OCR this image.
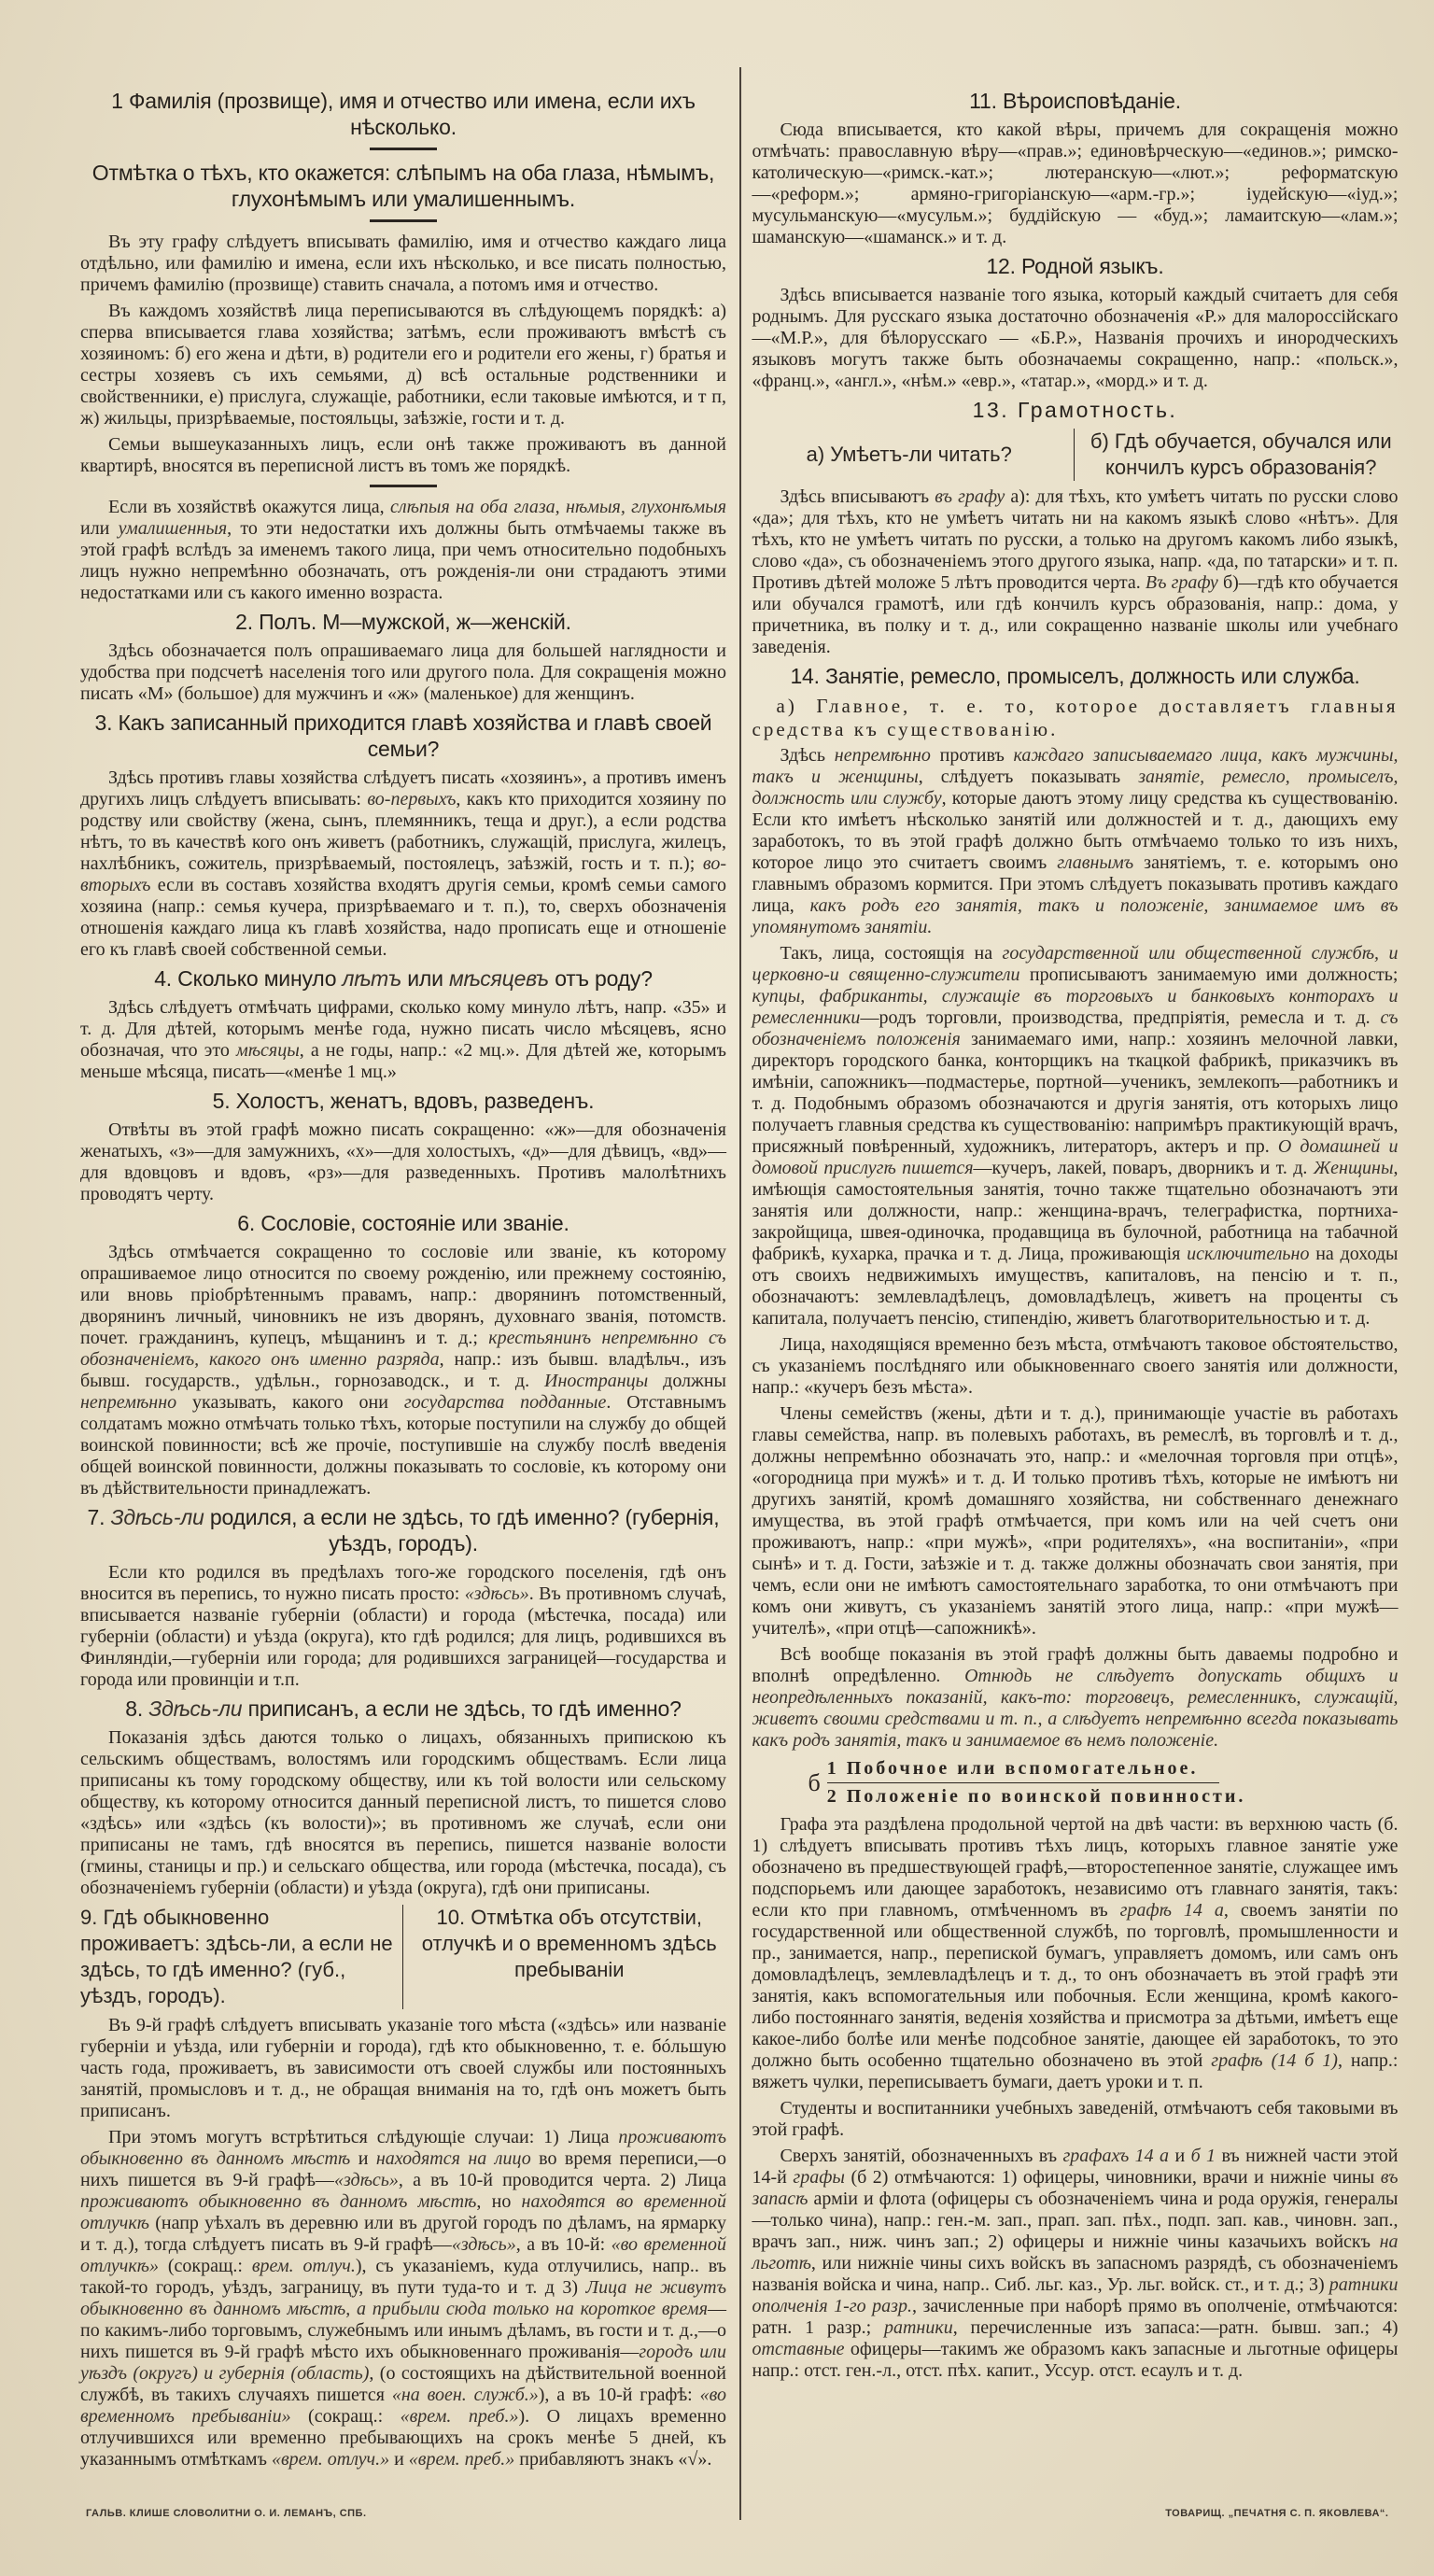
1 Фамилія (прозвище), имя и отчество или имена, если ихъ нѣсколько.
Отмѣтка о тѣхъ, кто окажется: слѣпымъ на оба глаза, нѣмымъ, глухонѣмымъ или умалишеннымъ.

Въ эту графу слѣдуетъ вписывать фамилію, имя и отчество каждаго лица отдѣльно, или фамилію и имена, если ихъ нѣсколько, и все писать полностью, причемъ фамилію (прозвище) ставить сначала, а потомъ имя и отчество.

Въ каждомъ хозяйствѣ лица переписываются въ слѣдующемъ порядкѣ: а) сперва вписывается глава хозяйства; затѣмъ, если проживаютъ вмѣстѣ съ хозяиномъ: б) его жена и дѣти, в) родители его и родители его жены, г) братья и сестры хозяевъ съ ихъ семьями, д) всѣ остальные родственники и свойственники, е) прислуга, служащіе, работники, если таковые имѣются, и т п, ж) жильцы, призрѣваемые, постояльцы, заѣзжіе, гости и т. д.

Семьи вышеуказанныхъ лицъ, если онѣ также проживаютъ въ данной квартирѣ, вносятся въ переписной листъ въ томъ же порядкѣ.

Если въ хозяйствѣ окажутся лица, слѣпыя на оба глаза, нѣмыя, глухонѣмыя или умалишенныя, то эти недостатки ихъ должны быть отмѣчаемы также въ этой графѣ вслѣдъ за именемъ такого лица, при чемъ относительно подобныхъ лицъ нужно непремѣнно обозначать, отъ рожденія-ли они страдаютъ этими недостатками или съ какого именно возраста.

2. Полъ. М—мужской, ж—женскій.

Здѣсь обозначается полъ опрашиваемаго лица для большей наглядности и удобства при подсчетѣ населенія того или другого пола. Для сокращенія можно писать «М» (большое) для мужчинъ и «ж» (маленькое) для женщинъ.

3. Какъ записанный приходится главѣ хозяйства и главѣ своей семьи?

Здѣсь противъ главы хозяйства слѣдуетъ писать «хозяинъ», а противъ именъ другихъ лицъ слѣдуетъ вписывать: во-первыхъ, какъ кто приходится хозяину по родству или свойству (жена, сынъ, племянникъ, теща и друг.), а если родства нѣтъ, то въ качествѣ кого онъ живетъ (работникъ, служащій, прислуга, жилецъ, нахлѣбникъ, сожитель, призрѣваемый, постоялецъ, заѣзжій, гость и т. п.); во-вторыхъ если въ составъ хозяйства входятъ другія семьи, кромѣ семьи самого хозяина (напр.: семья кучера, призрѣваемаго и т. п.), то, сверхъ обозначенія отношенія каждаго лица къ главѣ хозяйства, надо прописать еще и отношеніе его къ главѣ своей собственной семьи.

4. Сколько минуло лѣтъ или мѣсяцевъ отъ роду?

Здѣсь слѣдуетъ отмѣчать цифрами, сколько кому минуло лѣтъ, напр. «35» и т. д. Для дѣтей, которымъ менѣе года, нужно писать число мѣсяцевъ, ясно обозначая, что это мѣсяцы, а не годы, напр.: «2 мц.». Для дѣтей же, которымъ меньше мѣсяца, писать—«менѣе 1 мц.»

5. Холостъ, женатъ, вдовъ, разведенъ.

Отвѣты въ этой графѣ можно писать сокращенно: «ж»—для обозначенія женатыхъ, «з»—для замужнихъ, «х»—для холостыхъ, «д»—для дѣвицъ, «вд»—для вдовцовъ и вдовъ, «рз»—для разведенныхъ. Противъ малолѣтнихъ проводятъ черту.

6. Сословіе, состояніе или званіе.

Здѣсь отмѣчается сокращенно то сословіе или званіе, къ которому опрашиваемое лицо относится по своему рожденію, или прежнему состоянію, или вновь пріобрѣтеннымъ правамъ, напр.: дворянинъ потомственный, дворянинъ личный, чиновникъ не изъ дворянъ, духовнаго званія, потомств. почет. гражданинъ, купецъ, мѣщанинъ и т. д.; крестьянинъ непремѣнно съ обозначеніемъ, какого онъ именно разряда, напр.: изъ бывш. владѣльч., изъ бывш. государств., удѣльн., горнозаводск., и т. д. Иностранцы должны непремѣнно указывать, какого они государства подданные. Отставнымъ солдатамъ можно отмѣчать только тѣхъ, которые поступили на службу до общей воинской повинности; всѣ же прочіе, поступившіе на службу послѣ введенія общей воинской повинности, должны показывать то сословіе, къ которому они въ дѣйствительности принадлежатъ.

7. Здѣсь-ли родился, а если не здѣсь, то гдѣ именно? (губернія, уѣздъ, городъ).

Если кто родился въ предѣлахъ того-же городского поселенія, гдѣ онъ вносится въ перепись, то нужно писать просто: «здѣсь». Въ противномъ случаѣ, вписывается названіе губерніи (области) и города (мѣстечка, посада) или губерніи (области) и уѣзда (округа), кто гдѣ родился; для лицъ, родившихся въ Финляндіи,—губерніи или города; для родившихся заграницей—государства и города или провинціи и т.п.

8. Здѣсь-ли приписанъ, а если не здѣсь, то гдѣ именно?

Показанія здѣсь даются только о лицахъ, обязанныхъ припискою къ сельскимъ обществамъ, волостямъ или городскимъ обществамъ. Если лица приписаны къ тому городскому обществу, или къ той волости или сельскому обществу, къ которому относится данный переписной листъ, то пишется слово «здѣсь» или «здѣсь (къ волости)»; въ противномъ же случаѣ, если они приписаны не тамъ, гдѣ вносятся въ перепись, пишется названіе волости (гмины, станицы и пр.) и сельскаго общества, или города (мѣстечка, посада), съ обозначеніемъ губерніи (области) и уѣзда (округа), гдѣ они приписаны.

9. Гдѣ обыкновенно проживаетъ: здѣсь-ли, а если не здѣсь, то гдѣ именно? (губ., уѣздъ, городъ).
10. Отмѣтка объ отсутствіи, отлучкѣ и о временномъ здѣсь пребываніи

Въ 9-й графѣ слѣдуетъ вписывать указаніе того мѣста («здѣсь» или названіе губерніи и уѣзда, или губерніи и города), гдѣ кто обыкновенно, т. е. бóльшую часть года, проживаетъ, въ зависимости отъ своей службы или постоянныхъ занятій, промысловъ и т. д., не обращая вниманія на то, гдѣ онъ можетъ быть приписанъ.

При этомъ могутъ встрѣтиться слѣдующіе случаи: 1) Лица проживаютъ обыкновенно въ данномъ мѣстѣ и находятся на лицо во время переписи,—о нихъ пишется въ 9-й графѣ—«здѣсь», а въ 10-й проводится черта. 2) Лица проживаютъ обыкновенно въ данномъ мѣстѣ, но находятся во временной отлучкѣ (напр уѣхалъ въ деревню или въ другой городъ по дѣламъ, на ярмарку и т. д.), тогда слѣдуетъ писать въ 9-й графѣ—«здѣсь», а въ 10-й: «во временной отлучкѣ» (сокращ.: врем. отлуч.), съ указаніемъ, куда отлучились, напр.. въ такой-то городъ, уѣздъ, заграницу, въ пути туда-то и т. д 3) Лица не живутъ обыкновенно въ данномъ мѣстѣ, а прибыли сюда только на короткое время—по какимъ-либо торговымъ, служебнымъ или инымъ дѣламъ, въ гости и т. д.,—о нихъ пишется въ 9-й графѣ мѣсто ихъ обыкновеннаго проживанія—городъ или уѣздъ (округъ) и губернія (область), (о состоящихъ на дѣйствительной военной службѣ, въ такихъ случаяхъ пишется «на воен. служб.»), а въ 10-й графѣ: «во временномъ пребываніи» (сокращ.: «врем. преб.»). О лицахъ временно отлучившихся или временно пребывающихъ на срокъ менѣе 5 дней, къ указаннымъ отмѣткамъ «врем. отлуч.» и «врем. преб.» прибавляютъ знакъ «√».

ГАЛЬВ. КЛИШЕ СЛОВОЛИТНИ О. И. ЛЕМАНЪ, СПБ.
11. Вѣроисповѣданіе.

Сюда вписывается, кто какой вѣры, причемъ для сокращенія можно отмѣчать: православную вѣру—«прав.»; единовѣрческую—«единов.»; римско-католическую—«римск.-кат.»; лютеранскую—«лют.»; реформатскую—«реформ.»; армяно-григоріанскую—«арм.-гр.»; іудейскую—«іуд.»; мусульманскую—«мусульм.»; буддійскую — «буд.»; ламаитскую—«лам.»; шаманскую—«шаманск.» и т. д.

12. Родной языкъ.

Здѣсь вписывается названіе того языка, который каждый считаетъ для себя роднымъ. Для русскаго языка достаточно обозначенія «Р.» для малороссійскаго—«М.Р.», для бѣлорусскаго — «Б.Р.», Названія прочихъ и инородческихъ языковъ могутъ также быть обозначаемы сокращенно, напр.: «польск.», «франц.», «англ.», «нѣм.» «евр.», «татар.», «морд.» и т. д.

13. Грамотность.
а) Умѣетъ-ли читать?
б) Гдѣ обучается, обучался или кончилъ курсъ образованія?

Здѣсь вписываютъ въ графу а): для тѣхъ, кто умѣетъ читать по русски слово «да»; для тѣхъ, кто не умѣетъ читать ни на какомъ языкѣ слово «нѣтъ». Для тѣхъ, кто не умѣетъ читать по русски, а только на другомъ какомъ либо языкѣ, слово «да», съ обозначеніемъ этого другого языка, напр. «да, по татарски» и т. п. Противъ дѣтей моложе 5 лѣтъ проводится черта. Въ графу б)—гдѣ кто обучается или обучался грамотѣ, или гдѣ кончилъ курсъ образованія, напр.: дома, у причетника, въ полку и т. д., или сокращенно названіе школы или учебнаго заведенія.

14. Занятіе, ремесло, промыселъ, должность или служба.
а) Главное, т. е. то, которое доставляетъ главныя средства къ существованію.

Здѣсь непремѣнно противъ каждаго записываемаго лица, какъ мужчины, такъ и женщины, слѣдуетъ показывать занятіе, ремесло, промыселъ, должность или службу, которые даютъ этому лицу средства къ существованію. Если кто имѣетъ нѣсколько занятій или должностей и т. д., дающихъ ему заработокъ, то въ этой графѣ должно быть отмѣчаемо только то изъ нихъ, которое лицо это считаетъ своимъ главнымъ занятіемъ, т. е. которымъ оно главнымъ образомъ кормится. При этомъ слѣдуетъ показывать противъ каждаго лица, какъ родъ его занятія, такъ и положеніе, занимаемое имъ въ упомянутомъ занятіи.

Такъ, лица, состоящія на государственной или общественной службѣ, и церковно-и священно-служители прописываютъ занимаемую ими должность; купцы, фабриканты, служащіе въ торговыхъ и банковыхъ конторахъ и ремесленники—родъ торговли, производства, предпріятія, ремесла и т. д. съ обозначеніемъ положенія занимаемаго ими, напр.: хозяинъ мелочной лавки, директоръ городского банка, конторщикъ на ткацкой фабрикѣ, приказчикъ въ имѣніи, сапожникъ—подмастерье, портной—ученикъ, землекопъ—работникъ и т. д. Подобнымъ образомъ обозначаются и другія занятія, отъ которыхъ лицо получаетъ главныя средства къ существованію: напримѣръ практикующій врачъ, присяжный повѣренный, художникъ, литераторъ, актеръ и пр. О домашней и домовой прислугѣ пишется—кучеръ, лакей, поваръ, дворникъ и т. д. Женщины, имѣющія самостоятельныя занятія, точно также тщательно обозначаютъ эти занятія или должности, напр.: женщина-врачъ, телеграфистка, портниха-закройщица, швея-одиночка, продавщица въ булочной, работница на табачной фабрикѣ, кухарка, прачка и т. д. Лица, проживающія исключительно на доходы отъ своихъ недвижимыхъ имуществъ, капиталовъ, на пенсію и т. п., обозначаютъ: землевладѣлецъ, домовладѣлецъ, живетъ на проценты съ капитала, получаетъ пенсію, стипендію, живетъ благотворительностью и т. д.

Лица, находящіяся временно безъ мѣста, отмѣчаютъ таковое обстоятельство, съ указаніемъ послѣдняго или обыкновеннаго своего занятія или должности, напр.: «кучеръ безъ мѣста».

Члены семействъ (жены, дѣти и т. д.), принимающіе участіе въ работахъ главы семейства, напр. въ полевыхъ работахъ, въ ремеслѣ, въ торговлѣ и т. д., должны непремѣнно обозначать это, напр.: и «мелочная торговля при отцѣ», «огородница при мужѣ» и т. д. И только противъ тѣхъ, которые не имѣютъ ни другихъ занятій, кромѣ домашняго хозяйства, ни собственнаго денежнаго имущества, въ этой графѣ отмѣчается, при комъ или на чей счетъ они проживаютъ, напр.: «при мужѣ», «при родителяхъ», «на воспитаніи», «при сынѣ» и т. д. Гости, заѣзжіе и т. д. также должны обозначать свои занятія, при чемъ, если они не имѣютъ самостоятельнаго заработка, то они отмѣчаютъ при комъ они живутъ, съ указаніемъ занятій этого лица, напр.: «при мужѣ—учителѣ», «при отцѣ—сапожникѣ».

Всѣ вообще показанія въ этой графѣ должны быть даваемы подробно и вполнѣ опредѣленно. Отнюдь не слѣдуетъ допускать общихъ и неопредѣленныхъ показаній, какъ-то: торговецъ, ремесленникъ, служащій, живетъ своими средствами и т. п., а слѣдуетъ непремѣнно всегда показывать какъ родъ занятія, такъ и занимаемое въ немъ положеніе.

б
1 Побочное или вспомогательное.
2 Положеніе по воинской повинности.

Графа эта раздѣлена продольной чертой на двѣ части: въ верхнюю часть (б. 1) слѣдуетъ вписывать противъ тѣхъ лицъ, которыхъ главное занятіе уже обозначено въ предшествующей графѣ,—второстепенное занятіе, служащее имъ подспорьемъ или дающее заработокъ, независимо отъ главнаго занятія, такъ: если кто при главномъ, отмѣченномъ въ графѣ 14 а, своемъ занятіи по государственной или общественной службѣ, по торговлѣ, промышленности и пр., занимается, напр., перепиской бумагъ, управляетъ домомъ, или самъ онъ домовладѣлецъ, землевладѣлецъ и т. д., то онъ обозначаетъ въ этой графѣ эти занятія, какъ вспомогательныя или побочныя. Если женщина, кромѣ какого-либо постояннаго занятія, веденія хозяйства и присмотра за дѣтьми, имѣетъ еще какое-либо болѣе или менѣе подсобное занятіе, дающее ей заработокъ, то это должно быть особенно тщательно обозначено въ этой графѣ (14 б 1), напр.: вяжетъ чулки, переписываетъ бумаги, даетъ уроки и т. п.

Студенты и воспитанники учебныхъ заведеній, отмѣчаютъ себя таковыми въ этой графѣ.

Сверхъ занятій, обозначенныхъ въ графахъ 14 а и б 1 въ нижней части этой 14-й графы (б 2) отмѣчаются: 1) офицеры, чиновники, врачи и нижніе чины въ запасѣ арміи и флота (офицеры съ обозначеніемъ чина и рода оружія, генералы—только чина), напр.: ген.-м. зап., прап. зап. пѣх., подп. зап. кав., чиновн. зап., врачъ зап., ниж. чинъ зап.; 2) офицеры и нижніе чины казачьихъ войскъ на льготѣ, или нижніе чины сихъ войскъ въ запасномъ разрядѣ, съ обозначеніемъ названія войска и чина, напр.. Сиб. льг. каз., Ур. льг. войск. ст., и т. д.; 3) ратники ополченія 1-го разр., зачисленные при наборѣ прямо въ ополченіе, отмѣчаются: ратн. 1 разр.; ратники, перечисленные изъ запаса:—ратн. бывш. зап.; 4) отставные офицеры—такимъ же образомъ какъ запасные и льготные офицеры напр.: отст. ген.-л., отст. пѣх. капит., Уссур. отст. есаулъ и т. д.

ТОВАРИЩ. „ПЕЧАТНЯ С. П. ЯКОВЛЕВА“.
